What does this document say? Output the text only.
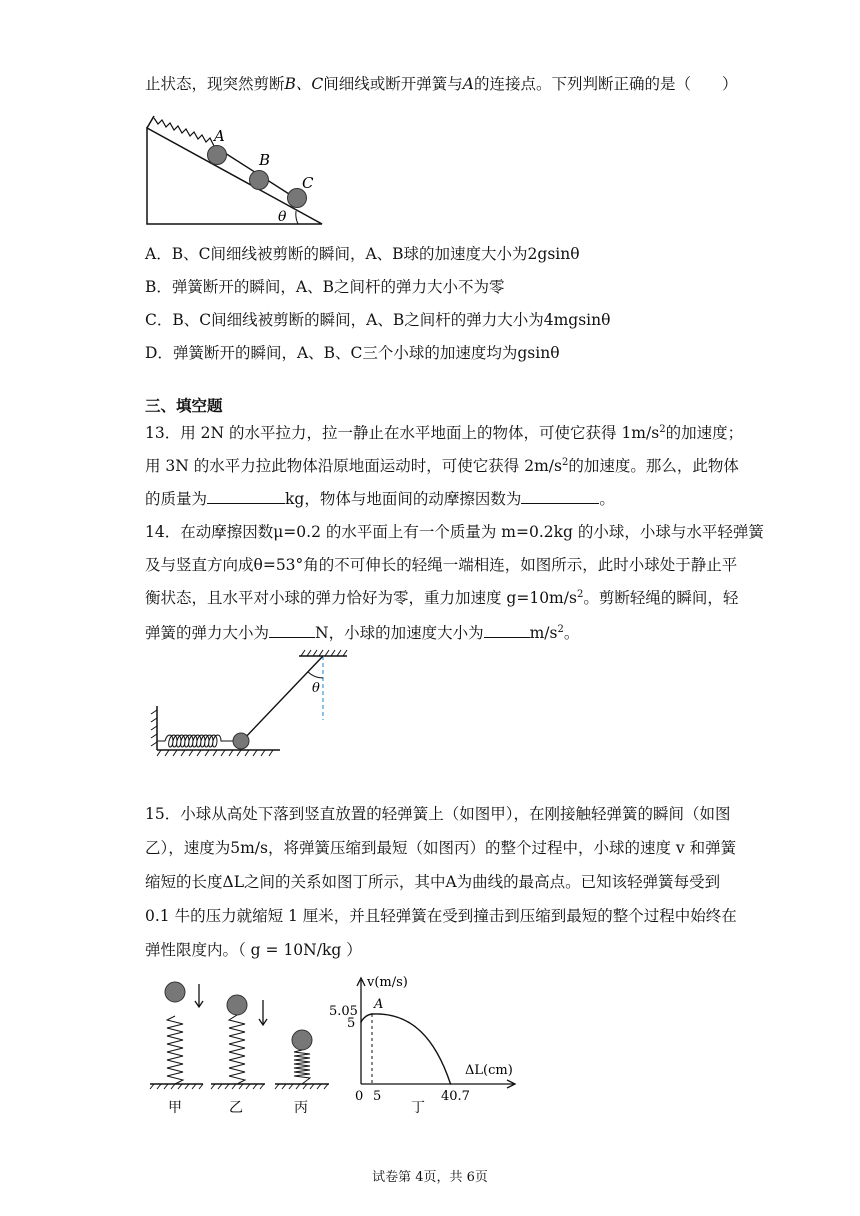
止状态，现突然剪断B、C间细线或断开弹簧与A的连接点。下列判断正确的是（　　）
A
B
C
θ
A．B、C间细线被剪断的瞬间，A、B球的加速度大小为2gsinθ
B．弹簧断开的瞬间，A、B之间杆的弹力大小不为零
C．B、C间细线被剪断的瞬间，A、B之间杆的弹力大小为4mgsinθ
D．弹簧断开的瞬间，A、B、C三个小球的加速度均为gsinθ
三、填空题
13．用 2N 的水平拉力，拉一静止在水平地面上的物体，可使它获得 $1m/s^2$的加速度；
用 3N 的水平力拉此物体沿原地面运动时，可使它获得 $2m/s^2$的加速度。那么，此物体
的质量为	kg，物体与地面间的动摩擦因数为	。
14．在动摩擦因数μ=0.2 的水平面上有一个质量为 m=0.2kg 的小球，小球与水平轻弹簧
及与竖直方向成θ=53°角的不可伸长的轻绳一端相连，如图所示，此时小球处于静止平
衡状态，且水平对小球的弹力恰好为零，重力加速度 $g=10m/s^2$。剪断轻绳的瞬间，轻
弹簧的弹力大小为	N，小球的加速度大小为	$m/s^2$。
θ
15．小球从高处下落到竖直放置的轻弹簧上（如图甲），在刚接触轻弹簧的瞬间（如图
乙），速度为5m/s，将弹簧压缩到最短（如图丙）的整个过程中，小球的速度 v 和弹簧
缩短的长度ΔL之间的关系如图丁所示，其中A为曲线的最高点。已知该轻弹簧每受到
0.1 牛的压力就缩短 1 厘米，并且轻弹簧在受到撞击到压缩到最短的整个过程中始终在
弹性限度内。（ g = 10N/kg ）
甲	乙	丙
v(m/s)
ΔL(cm)
0 5	40.7
5
5.05 A
丁
试卷第 4页，共 6页
